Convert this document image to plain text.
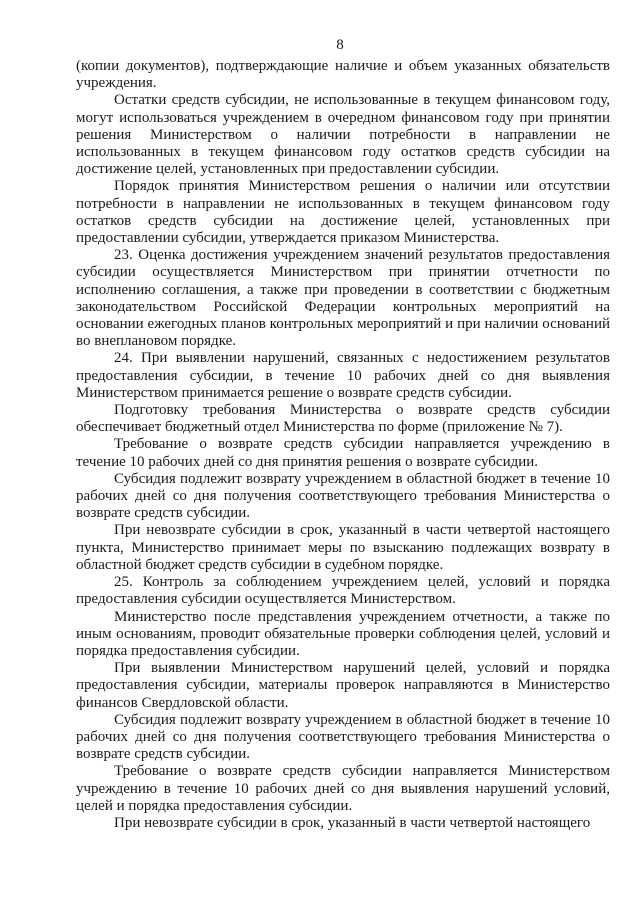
8

(копии документов), подтверждающие наличие и объем указанных обязательств учреждения.

Остатки средств субсидии, не использованные в текущем финансовом году, могут использоваться учреждением в очередном финансовом году при принятии решения Министерством о наличии потребности в направлении не использованных в текущем финансовом году остатков средств субсидии на достижение целей, установленных при предоставлении субсидии.

Порядок принятия Министерством решения о наличии или отсутствии потребности в направлении не использованных в текущем финансовом году остатков средств субсидии на достижение целей, установленных при предоставлении субсидии, утверждается приказом Министерства.

23. Оценка достижения учреждением значений результатов предоставления субсидии осуществляется Министерством при принятии отчетности по исполнению соглашения, а также при проведении в соответствии с бюджетным законодательством Российской Федерации контрольных мероприятий на основании ежегодных планов контрольных мероприятий и при наличии оснований во внеплановом порядке.

24. При выявлении нарушений, связанных с недостижением результатов предоставления субсидии, в течение 10 рабочих дней со дня выявления Министерством принимается решение о возврате средств субсидии.

Подготовку требования Министерства о возврате средств субсидии обеспечивает бюджетный отдел Министерства по форме (приложение № 7).

Требование о возврате средств субсидии направляется учреждению в течение 10 рабочих дней со дня принятия решения о возврате субсидии.

Субсидия подлежит возврату учреждением в областной бюджет в течение 10 рабочих дней со дня получения соответствующего требования Министерства о возврате средств субсидии.

При невозврате субсидии в срок, указанный в части четвертой настоящего пункта, Министерство принимает меры по взысканию подлежащих возврату в областной бюджет средств субсидии в судебном порядке.

25. Контроль за соблюдением учреждением целей, условий и порядка предоставления субсидии осуществляется Министерством.

Министерство после представления учреждением отчетности, а также по иным основаниям, проводит обязательные проверки соблюдения целей, условий и порядка предоставления субсидии.

При выявлении Министерством нарушений целей, условий и порядка предоставления субсидии, материалы проверок направляются в Министерство финансов Свердловской области.

Субсидия подлежит возврату учреждением в областной бюджет в течение 10 рабочих дней со дня получения соответствующего требования Министерства о возврате средств субсидии.

Требование о возврате средств субсидии направляется Министерством учреждению в течение 10 рабочих дней со дня выявления нарушений условий, целей и порядка предоставления субсидии.

При невозврате субсидии в срок, указанный в части четвертой настоящего
